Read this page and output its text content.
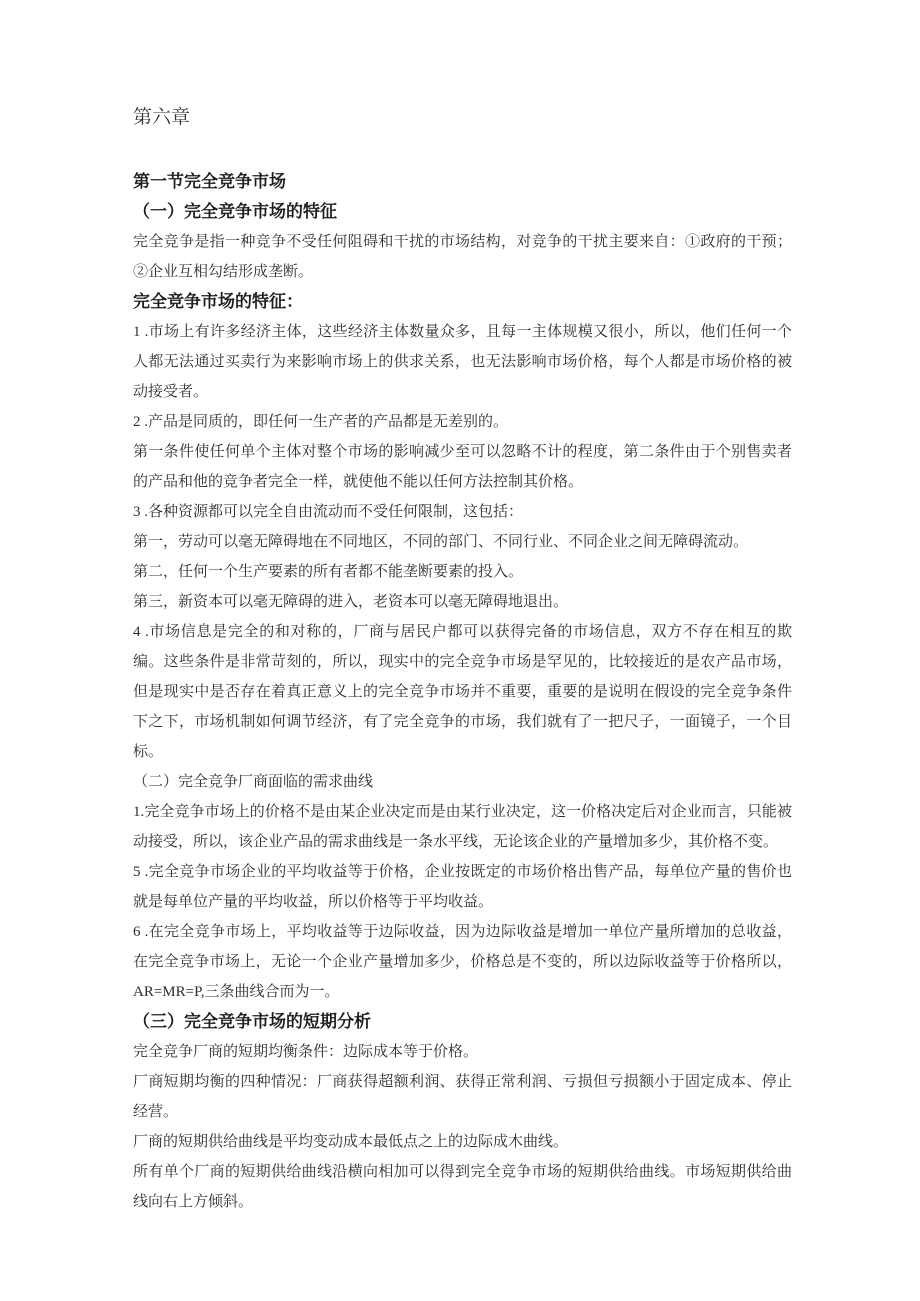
第六章
第一节完全竞争市场
（一）完全竞争市场的特征
完全竞争是指一种竞争不受任何阻碍和干扰的市场结构，对竞争的干扰主要来自：①政府的干预；②企业互相勾结形成垄断。
完全竞争市场的特征：
1 .市场上有许多经济主体，这些经济主体数量众多，且每一主体规模又很小，所以，他们任何一个人都无法通过买卖行为来影响市场上的供求关系，也无法影响市场价格，每个人都是市场价格的被动接受者。
2 .产品是同质的，即任何一生产者的产品都是无差别的。
第一条件使任何单个主体对整个市场的影响减少至可以忽略不计的程度，第二条件由于个别售卖者的产品和他的竞争者完全一样，就使他不能以任何方法控制其价格。
3 .各种资源都可以完全自由流动而不受任何限制，这包括：
第一，劳动可以毫无障碍地在不同地区，不同的部门、不同行业、不同企业之间无障碍流动。
第二，任何一个生产要素的所有者都不能垄断要素的投入。
第三，新资本可以毫无障碍的进入，老资本可以毫无障碍地退出。
4 .市场信息是完全的和对称的，厂商与居民户都可以获得完备的市场信息，双方不存在相互的欺编。这些条件是非常苛刻的，所以，现实中的完全竞争市场是罕见的，比较接近的是农产品市场，但是现实中是否存在着真正意义上的完全竞争市场并不重要，重要的是说明在假设的完全竞争条件下之下，市场机制如何调节经济，有了完全竞争的市场，我们就有了一把尺子，一面镜子，一个目标。
（二）完全竞争厂商面临的需求曲线
1.完全竞争市场上的价格不是由某企业决定而是由某行业决定，这一价格决定后对企业而言，只能被动接受，所以，该企业产品的需求曲线是一条水平线，无论该企业的产量增加多少，其价格不变。
5 .完全竞争市场企业的平均收益等于价格，企业按既定的市场价格出售产品，每单位产量的售价也就是每单位产量的平均收益，所以价格等于平均收益。
6 .在完全竞争市场上，平均收益等于边际收益，因为边际收益是增加一单位产量所增加的总收益，在完全竞争市场上，无论一个企业产量增加多少，价格总是不变的，所以边际收益等于价格所以，AR=MR=P,三条曲线合而为一。
（三）完全竞争市场的短期分析
完全竞争厂商的短期均衡条件：边际成本等于价格。
厂商短期均衡的四种情况：厂商获得超额利润、获得正常利润、亏损但亏损额小于固定成本、停止经营。
厂商的短期供给曲线是平均变动成本最低点之上的边际成木曲线。
所有单个厂商的短期供给曲线沿横向相加可以得到完全竞争市场的短期供给曲线。市场短期供给曲线向右上方倾斜。
